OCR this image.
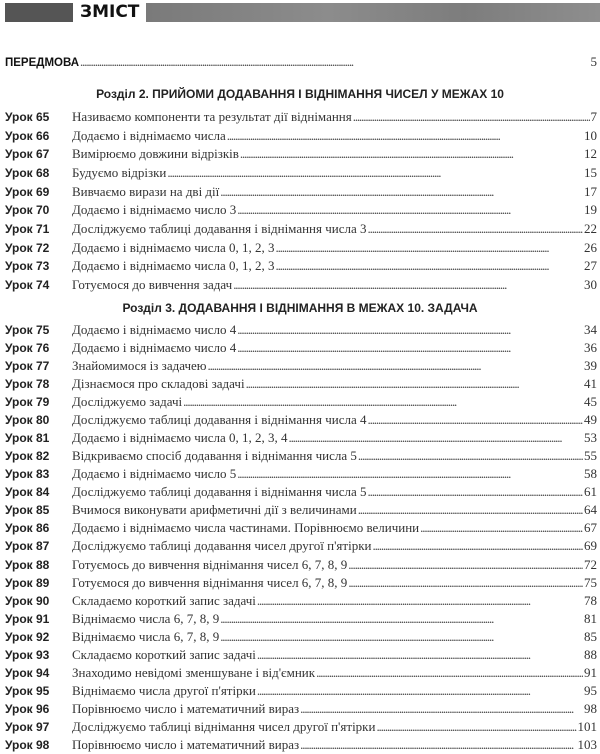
ЗМІСТ
ПЕРЕДМОВА . . .	5
Розділ 2. ПРИЙОМИ ДОДАВАННЯ І ВІДНІМАННЯ ЧИСЕЛ У МЕЖАХ 10
Урок 65	Називаємо компоненти та результат дії віднімання . . .	7
Урок 66	Додаємо і віднімаємо числа . . .	10
Урок 67	Вимірюємо довжини відрізків . . .	12
Урок 68	Будуємо відрізки . . .	15
Урок 69	Вивчаємо вирази на дві дії . . .	17
Урок 70	Додаємо і віднімаємо число 3 . . .	19
Урок 71	Досліджуємо таблиці додавання і віднімання числа 3 . . .	22
Урок 72	Додаємо і віднімаємо числа 0, 1, 2, 3 . . .	26
Урок 73	Додаємо і віднімаємо числа 0, 1, 2, 3 . . .	27
Урок 74	Готуємося до вивчення задач . . .	30
Розділ 3. ДОДАВАННЯ І ВІДНІМАННЯ В МЕЖАХ 10. ЗАДАЧА
Урок 75	Додаємо і віднімаємо число 4 . . .	34
Урок 76	Додаємо і віднімаємо число 4 . . .	36
Урок 77	Знайомимося із задачею . . .	39
Урок 78	Дізнаємося про складові задачі . . .	41
Урок 79	Досліджуємо задачі . . .	45
Урок 80	Досліджуємо таблиці додавання і віднімання числа 4 . . .	49
Урок 81	Додаємо і віднімаємо числа 0, 1, 2, 3, 4 . . .	53
Урок 82	Відкриваємо спосіб додавання і віднімання числа 5 . . .	55
Урок 83	Додаємо і віднімаємо число 5 . . .	58
Урок 84	Досліджуємо таблиці додавання і віднімання числа 5 . . .	61
Урок 85	Вчимося виконувати арифметичні дії з величинами . . .	64
Урок 86	Додаємо і віднімаємо числа частинами. Порівнюємо величини . . .	67
Урок 87	Досліджуємо таблиці додавання чисел другої п'ятірки . . .	69
Урок 88	Готуємось до вивчення віднімання чисел 6, 7, 8, 9 . . .	72
Урок 89	Готуємося до вивчення віднімання чисел 6, 7, 8, 9 . . .	75
Урок 90	Складаємо короткий запис задачі . . .	78
Урок 91	Віднімаємо числа 6, 7, 8, 9 . . .	81
Урок 92	Віднімаємо числа 6, 7, 8, 9 . . .	85
Урок 93	Складаємо короткий запис задачі . . .	88
Урок 94	Знаходимо невідомі зменшуване і від'ємник . . .	91
Урок 95	Віднімаємо числа другої п'ятірки . . .	95
Урок 96	Порівнюємо число і математичний вираз . . .	98
Урок 97	Досліджуємо таблиці віднімання чисел другої п'ятірки . . .	101
Урок 98	Порівнюємо число і математичний вираз . . .	103
